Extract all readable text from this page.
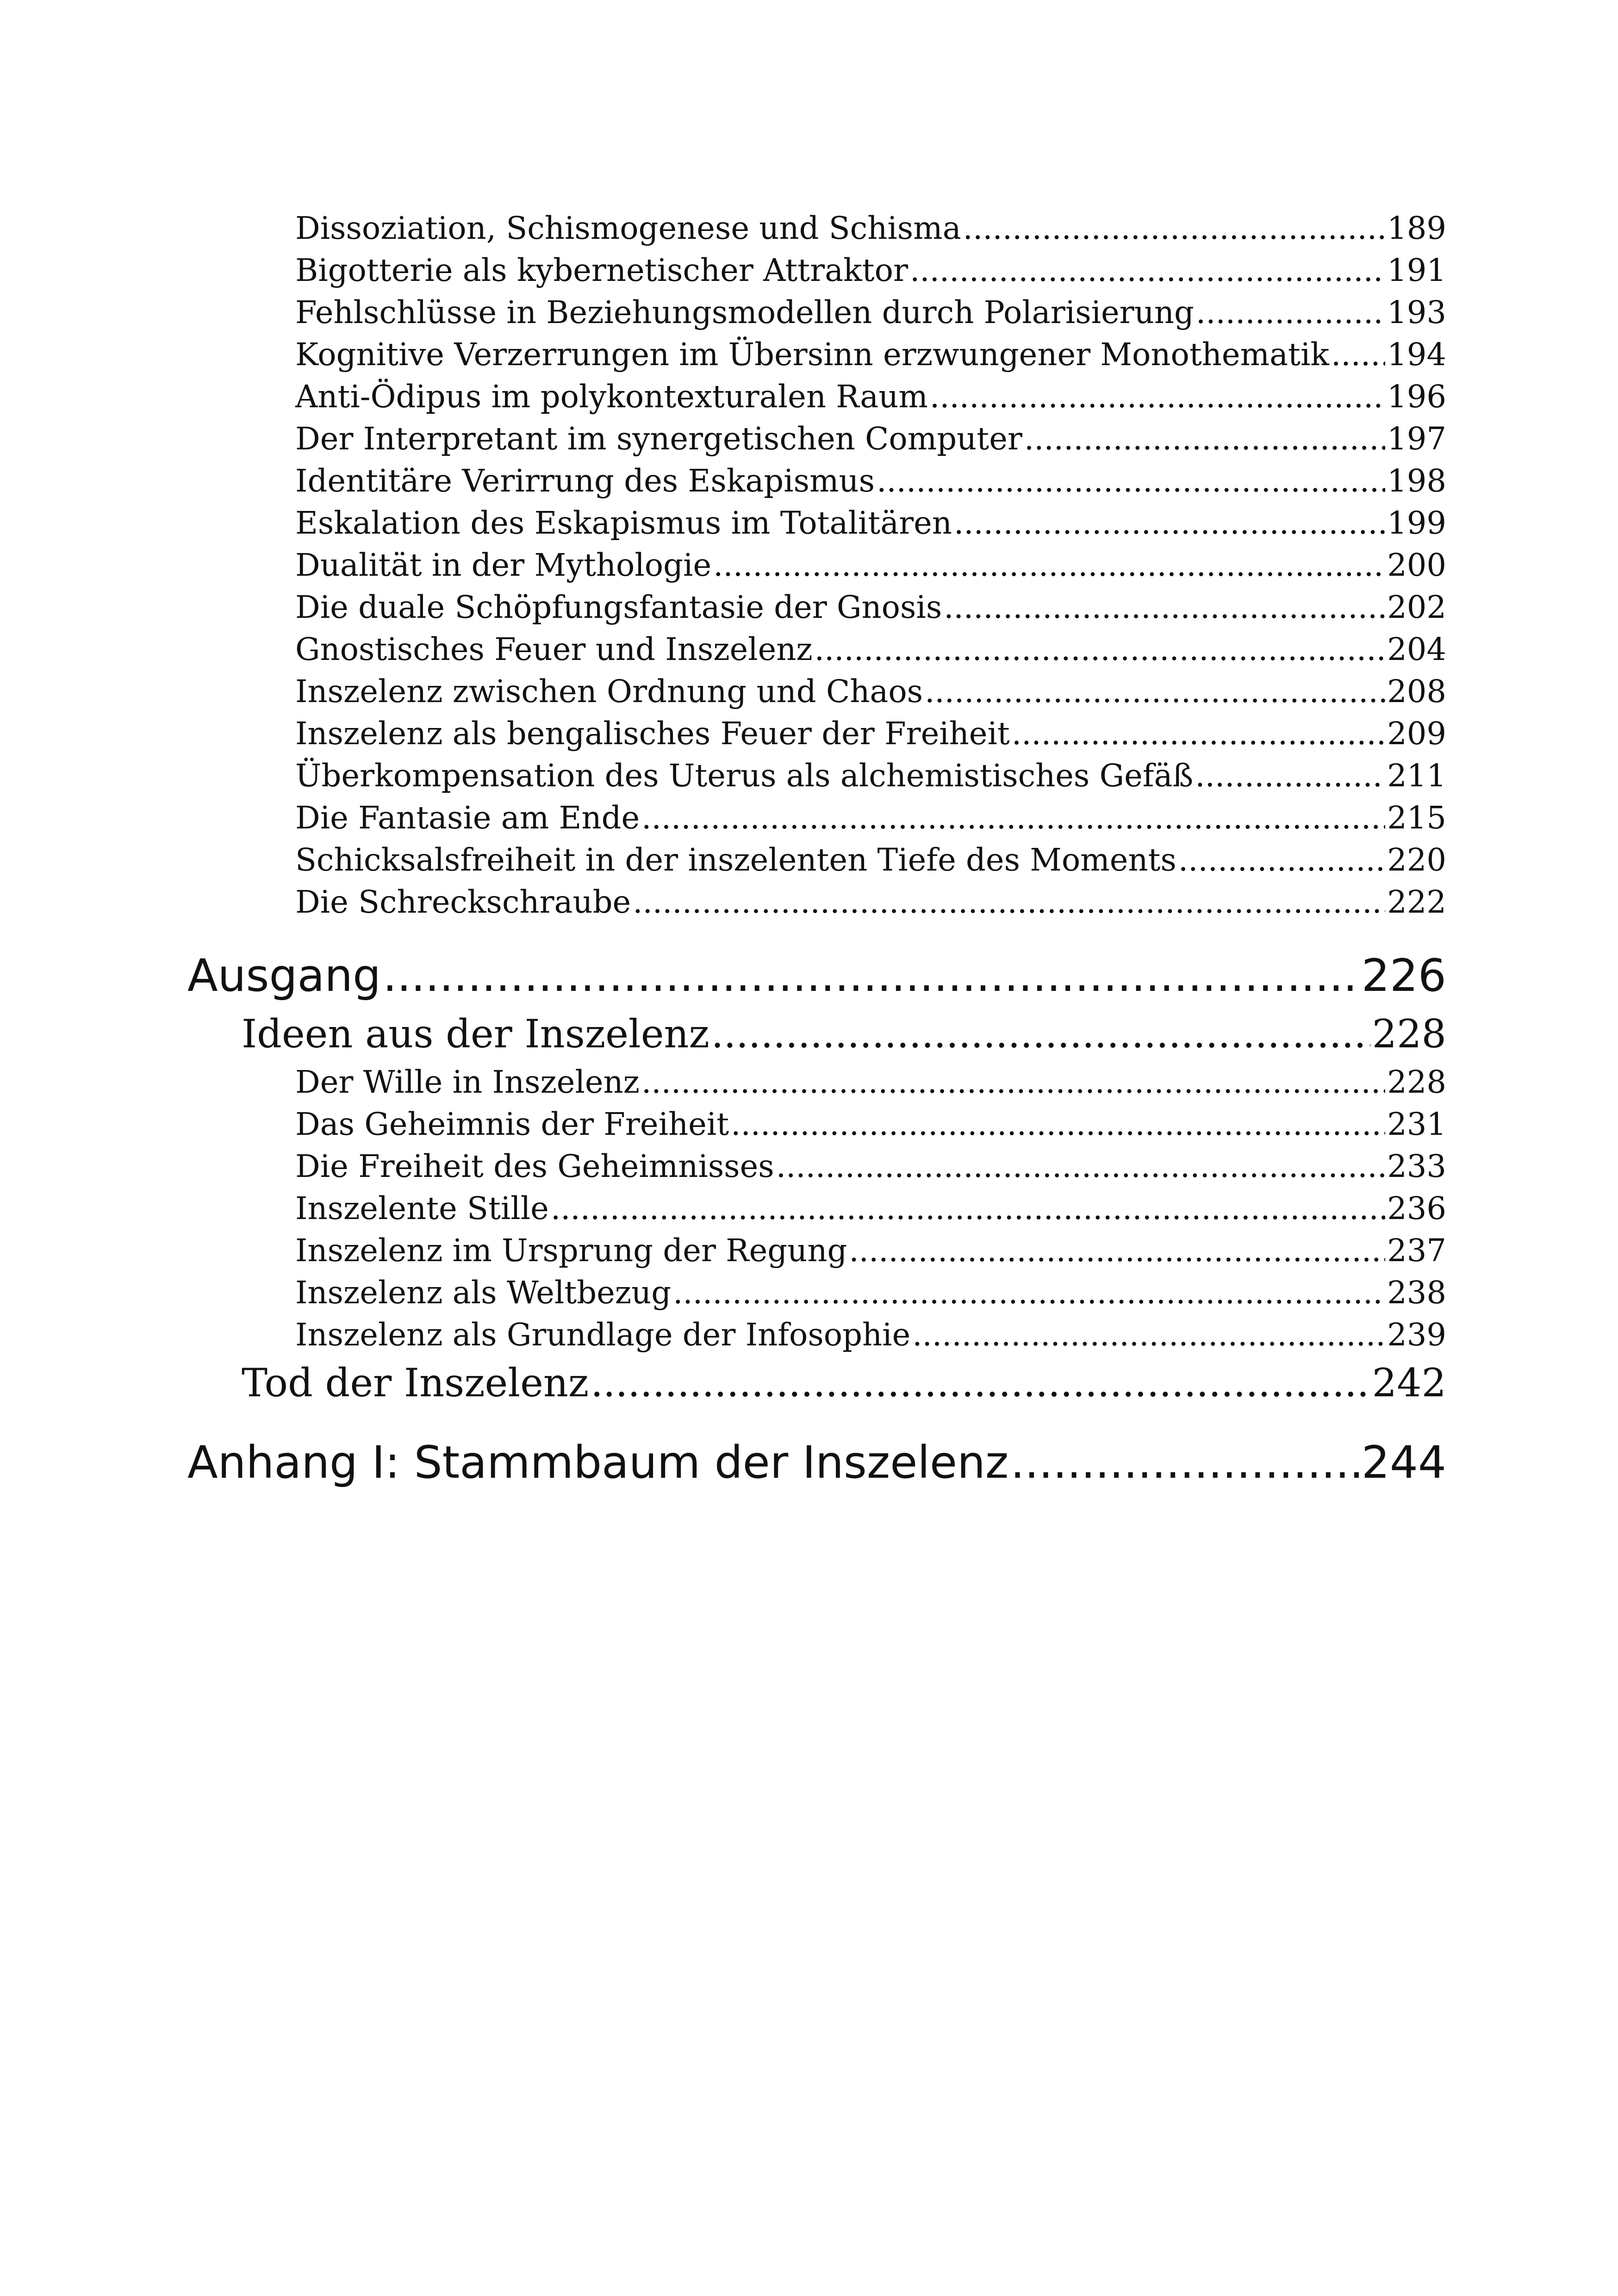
Dissoziation, Schismogenese und Schisma .....	189
Bigotterie als kybernetischer Attraktor .....	191
Fehlschlüsse in Beziehungsmodellen durch Polarisierung .....	193
Kognitive Verzerrungen im Übersinn erzwungener Monothematik ..... 194
Anti-Ödipus im polykontexturalen Raum .....	196
Der Interpretant im synergetischen Computer .....	197
Identitäre Verirrung des Eskapismus .....	198
Eskalation des Eskapismus im Totalitären .....	199
Dualität in der Mythologie .....	200
Die duale Schöpfungsfantasie der Gnosis .....	202
Gnostisches Feuer und Inszelenz .....	204
Inszelenz zwischen Ordnung und Chaos .....	208
Inszelenz als bengalisches Feuer der Freiheit .....	209
Überkompensation des Uterus als alchemistisches Gefäß .....	211
Die Fantasie am Ende .....	215
Schicksalsfreiheit in der inszelenten Tiefe des Moments .....	220
Die Schreckschraube .....	222
Ausgang .....	226
Ideen aus der Inszelenz .....	228
Der Wille in Inszelenz .....	228
Das Geheimnis der Freiheit .....	231
Die Freiheit des Geheimnisses .....	233
Inszelente Stille .....	236
Inszelenz im Ursprung der Regung .....	237
Inszelenz als Weltbezug .....	238
Inszelenz als Grundlage der Infosophie .....	239
Tod der Inszelenz .....	242
Anhang I: Stammbaum der Inszelenz .....	244
